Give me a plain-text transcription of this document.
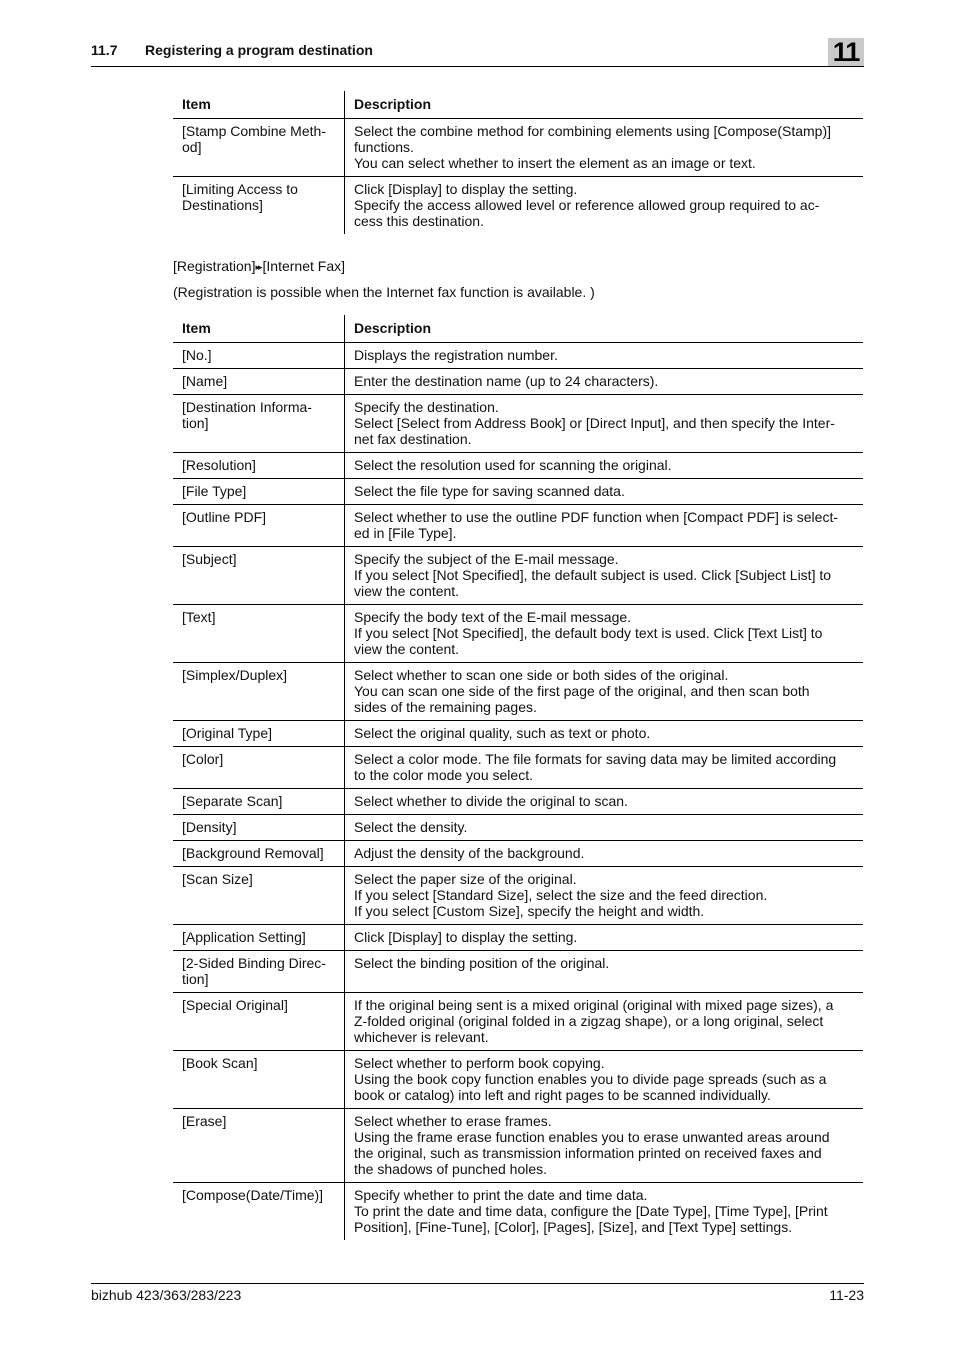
11.7 Registering a program destination	11
Item	Description
[Stamp Combine Meth-
od]	Select the combine method for combining elements using [Compose(Stamp)]
functions.
You can select whether to insert the element as an image or text.
[Limiting Access to
Destinations]	Click [Display] to display the setting.
Specify the access allowed level or reference allowed group required to ac-
cess this destination.
[Registration]▸▸ [Internet Fax]
(Registration is possible when the Internet fax function is available. )
Item	Description
[No.]	Displays the registration number.
[Name]	Enter the destination name (up to 24 characters).
[Destination Informa-
tion]	Specify the destination.
Select [Select from Address Book] or [Direct Input], and then specify the Inter-
net fax destination.
[Resolution]	Select the resolution used for scanning the original.
[File Type]	Select the file type for saving scanned data.
[Outline PDF]	Select whether to use the outline PDF function when [Compact PDF] is select-
ed in [File Type].
[Subject]	Specify the subject of the E-mail message.
If you select [Not Specified], the default subject is used. Click [Subject List] to
view the content.
[Text]	Specify the body text of the E-mail message.
If you select [Not Specified], the default body text is used. Click [Text List] to
view the content.
[Simplex/Duplex]	Select whether to scan one side or both sides of the original.
You can scan one side of the first page of the original, and then scan both
sides of the remaining pages.
[Original Type]	Select the original quality, such as text or photo.
[Color]	Select a color mode. The file formats for saving data may be limited according
to the color mode you select.
[Separate Scan]	Select whether to divide the original to scan.
[Density]	Select the density.
[Background Removal]	Adjust the density of the background.
[Scan Size]	Select the paper size of the original.
If you select [Standard Size], select the size and the feed direction.
If you select [Custom Size], specify the height and width.
[Application Setting]	Click [Display] to display the setting.
[2-Sided Binding Direc-
tion]	Select the binding position of the original.
[Special Original]	If the original being sent is a mixed original (original with mixed page sizes), a
Z-folded original (original folded in a zigzag shape), or a long original, select
whichever is relevant.
[Book Scan]	Select whether to perform book copying.
Using the book copy function enables you to divide page spreads (such as a
book or catalog) into left and right pages to be scanned individually.
[Erase]	Select whether to erase frames.
Using the frame erase function enables you to erase unwanted areas around
the original, such as transmission information printed on received faxes and
the shadows of punched holes.
[Compose(Date/Time)]	Specify whether to print the date and time data.
To print the date and time data, configure the [Date Type], [Time Type], [Print
Position], [Fine-Tune], [Color], [Pages], [Size], and [Text Type] settings.
bizhub 423/363/283/223	11-23
